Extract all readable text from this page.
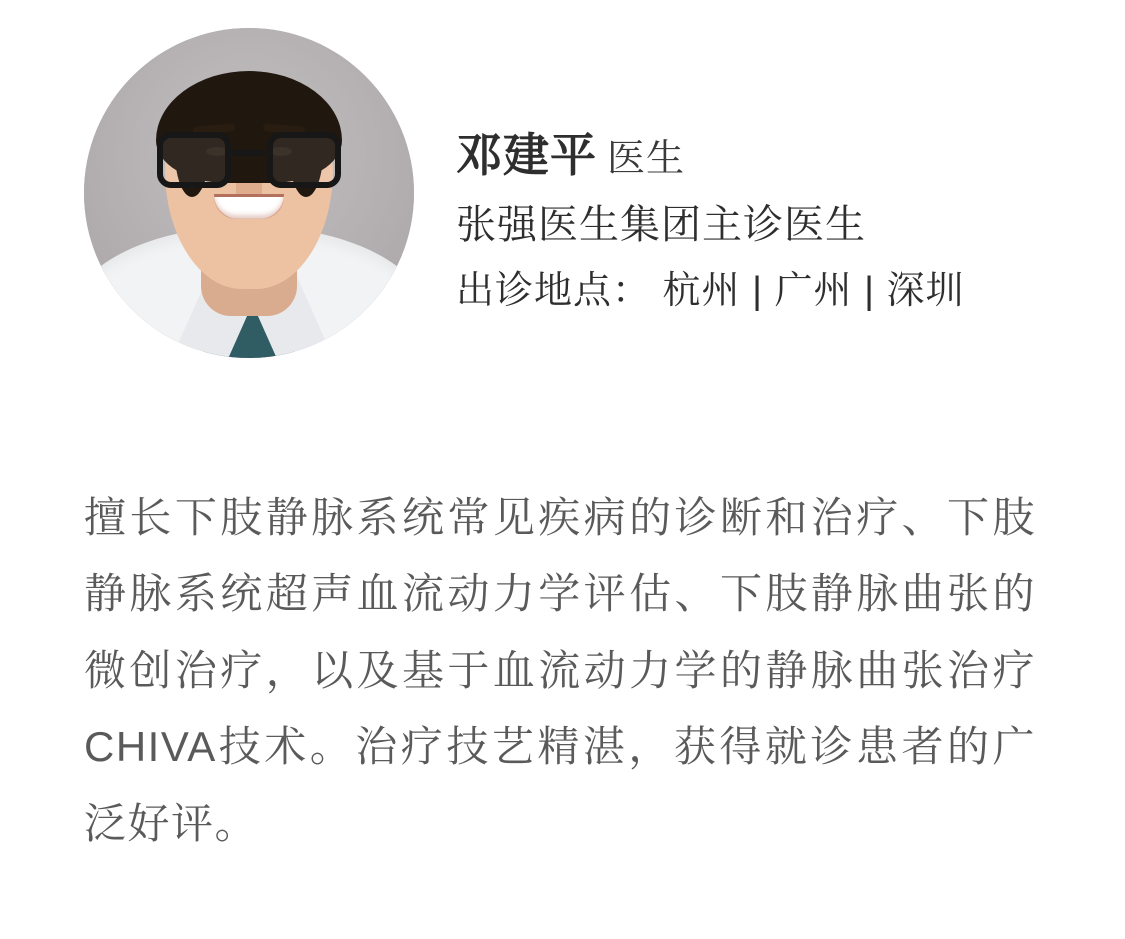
邓建平 医生
张强医生集团主诊医生
出诊地点： 杭州 | 广州 | 深圳
擅长下肢静脉系统常见疾病的诊断和治疗、下肢静脉系统超声血流动力学评估、下肢静脉曲张的微创治疗，以及基于血流动力学的静脉曲张治疗CHIVA技术。治疗技艺精湛，获得就诊患者的广泛好评。
